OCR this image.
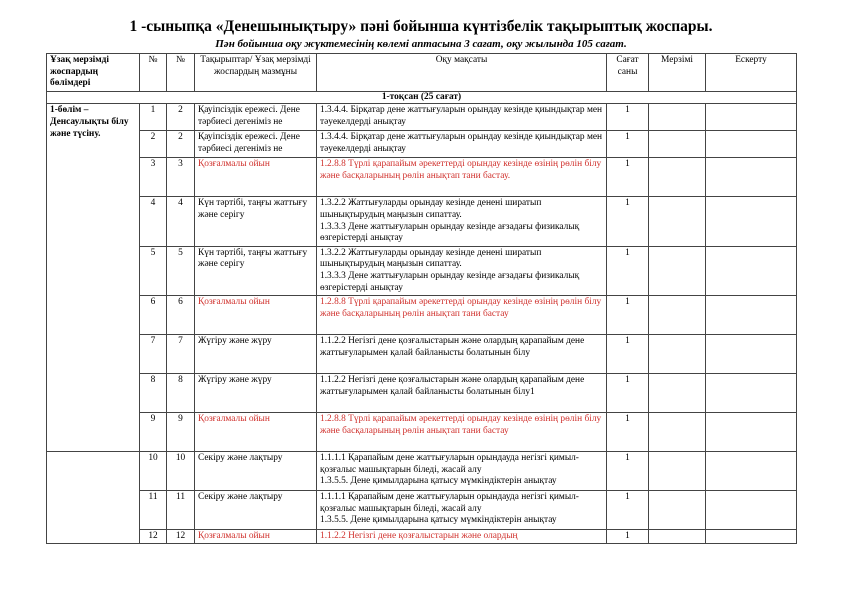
1 -сыныпқа «Денешынықтыру» пәні бойынша күнтізбелік тақырыптық жоспары.
Пән бойынша оқу жүктемесінің көлемі аптасына 3 сағат, оқу жылында 105 сағат.
Ұзақ мерзімді жоспардың бөлімдері	№	№	Тақырыптар/ Ұзақ мерзімді жоспардың мазмұны	Оқу мақсаты	Сағат саны	Мерзімі	Ескерту
1-тоқсан (25 сағат)							
1-бөлім – Денсаулықты білу және түсіну.	1	2	Қауіпсіздік ережесі. Дене тәрбиесі дегеніміз не	1.3.4.4. Бірқатар дене жаттығуларын орындау кезінде қиындықтар мен тәуекелдерді анықтау	1		
	2	2	Қауіпсіздік ережесі. Дене тәрбиесі дегеніміз не	1.3.4.4. Бірқатар дене жаттығуларын орындау кезінде қиындықтар мен тәуекелдерді анықтау	1		
	3	3	Қозғалмалы ойын	1.2.8.8 Түрлі қарапайым әрекеттерді орындау кезінде өзінің рөлін білу және басқаларының рөлін анықтап тани бастау.	1		
	4	4	Күн тәртібі, таңғы жаттығу және серігу	1.3.2.2 Жаттығуларды орындау кезінде денені ширатып шынықтырудың маңызын сипаттау.
1.3.3.3 Дене жаттығуларын орындау кезінде ағзадағы физикалық өзгерістерді анықтау	1		
	5	5	Күн тәртібі, таңғы жаттығу және серігу	1.3.2.2 Жаттығуларды орындау кезінде денені ширатып шынықтырудың маңызын сипаттау.
1.3.3.3 Дене жаттығуларын орындау кезінде ағзадағы физикалық өзгерістерді анықтау	1		
	6	6	Қозғалмалы ойын	1.2.8.8 Түрлі қарапайым әрекеттерді орындау кезінде өзінің рөлін білу және басқаларының рөлін анықтап тани бастау	1		
	7	7	Жүгіру және жүру	1.1.2.2 Негізгі дене қозғалыстарын және олардың қарапайым дене жаттығуларымен қалай байланысты болатынын білу	1		
	8	8	Жүгіру және жүру	1.1.2.2 Негізгі дене қозғалыстарын және олардың қарапайым дене жаттығуларымен қалай байланысты болатынын білу1	1		
	9	9	Қозғалмалы ойын	1.2.8.8 Түрлі қарапайым әрекеттерді орындау кезінде өзінің рөлін білу және басқаларының рөлін анықтап тани бастау	1		
	10	10	Секіру және лақтыру	1.1.1.1 Қарапайым дене жаттығуларын орындауда негізгі қимыл-қозғалыс машықтарын біледі, жасай алу
1.3.5.5. Дене қимылдарына қатысу мүмкіндіктерін анықтау	1		
	11	11	Секіру және лақтыру	1.1.1.1 Қарапайым дене жаттығуларын орындауда негізгі қимыл-қозғалыс машықтарын біледі, жасай алу
1.3.5.5. Дене қимылдарына қатысу мүмкіндіктерін анықтау	1		
	12	12	Қозғалмалы ойын	1.1.2.2 Негізгі дене қозғалыстарын және олардың	1		
